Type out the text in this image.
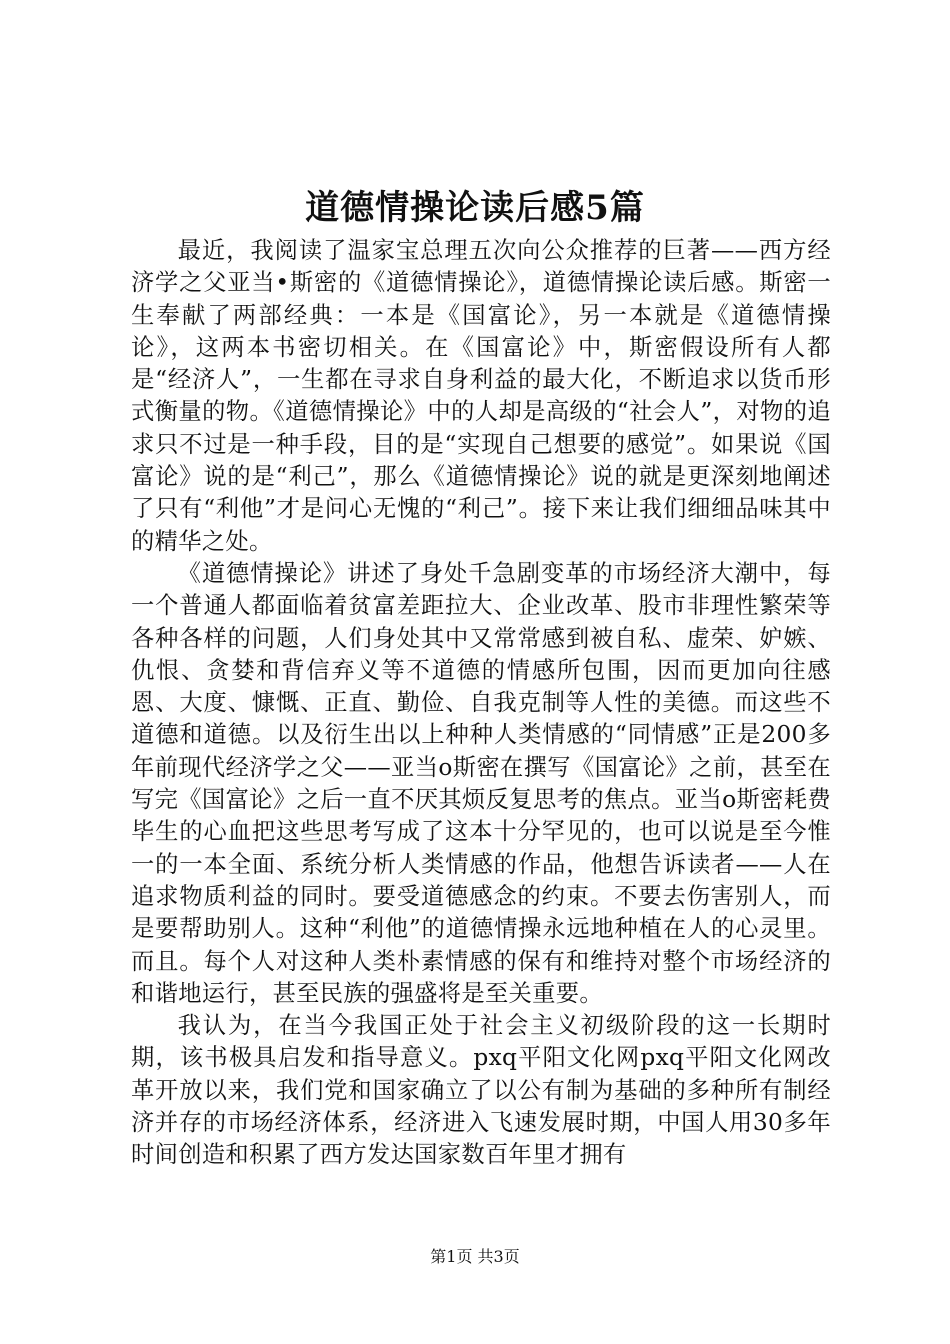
道德情操论读后感5篇

最近，我阅读了温家宝总理五次向公众推荐的巨著——西方经济学之父亚当•斯密的《道德情操论》，道德情操论读后感。斯密一生奉献了两部经典：一本是《国富论》，另一本就是《道德情操论》，这两本书密切相关。在《国富论》中，斯密假设所有人都是“经济人”，一生都在寻求自身利益的最大化，不断追求以货币形式衡量的物。《道德情操论》中的人却是高级的“社会人”，对物的追求只不过是一种手段，目的是“实现自己想要的感觉”。如果说《国富论》说的是“利己”，那么《道德情操论》说的就是更深刻地阐述了只有“利他”才是问心无愧的“利己”。接下来让我们细细品味其中的精华之处。

《道德情操论》讲述了身处千急剧变革的市场经济大潮中，每一个普通人都面临着贫富差距拉大、企业改革、股市非理性繁荣等各种各样的问题，人们身处其中又常常感到被自私、虚荣、妒嫉、仇恨、贪婪和背信弃义等不道德的情感所包围，因而更加向往感恩、大度、慷慨、正直、勤俭、自我克制等人性的美德。而这些不道德和道德。以及衍生出以上种种人类情感的“同情感”正是200多年前现代经济学之父——亚当o斯密在撰写《国富论》之前，甚至在写完《国富论》之后一直不厌其烦反复思考的焦点。亚当o斯密耗费毕生的心血把这些思考写成了这本十分罕见的，也可以说是至今惟一的一本全面、系统分析人类情感的作品，他想告诉读者——人在追求物质利益的同时。要受道德感念的约束。不要去伤害别人，而是要帮助别人。这种“利他”的道德情操永远地种植在人的心灵里。而且。每个人对这种人类朴素情感的保有和维持对整个市场经济的和谐地运行，甚至民族的强盛将是至关重要。

我认为，在当今我国正处于社会主义初级阶段的这一长期时期，该书极具启发和指导意义。pxq平阳文化网pxq平阳文化网改革开放以来，我们党和国家确立了以公有制为基础的多种所有制经济并存的市场经济体系，经济进入飞速发展时期，中国人用30多年时间创造和积累了西方发达国家数百年里才拥有

第1页 共3页
